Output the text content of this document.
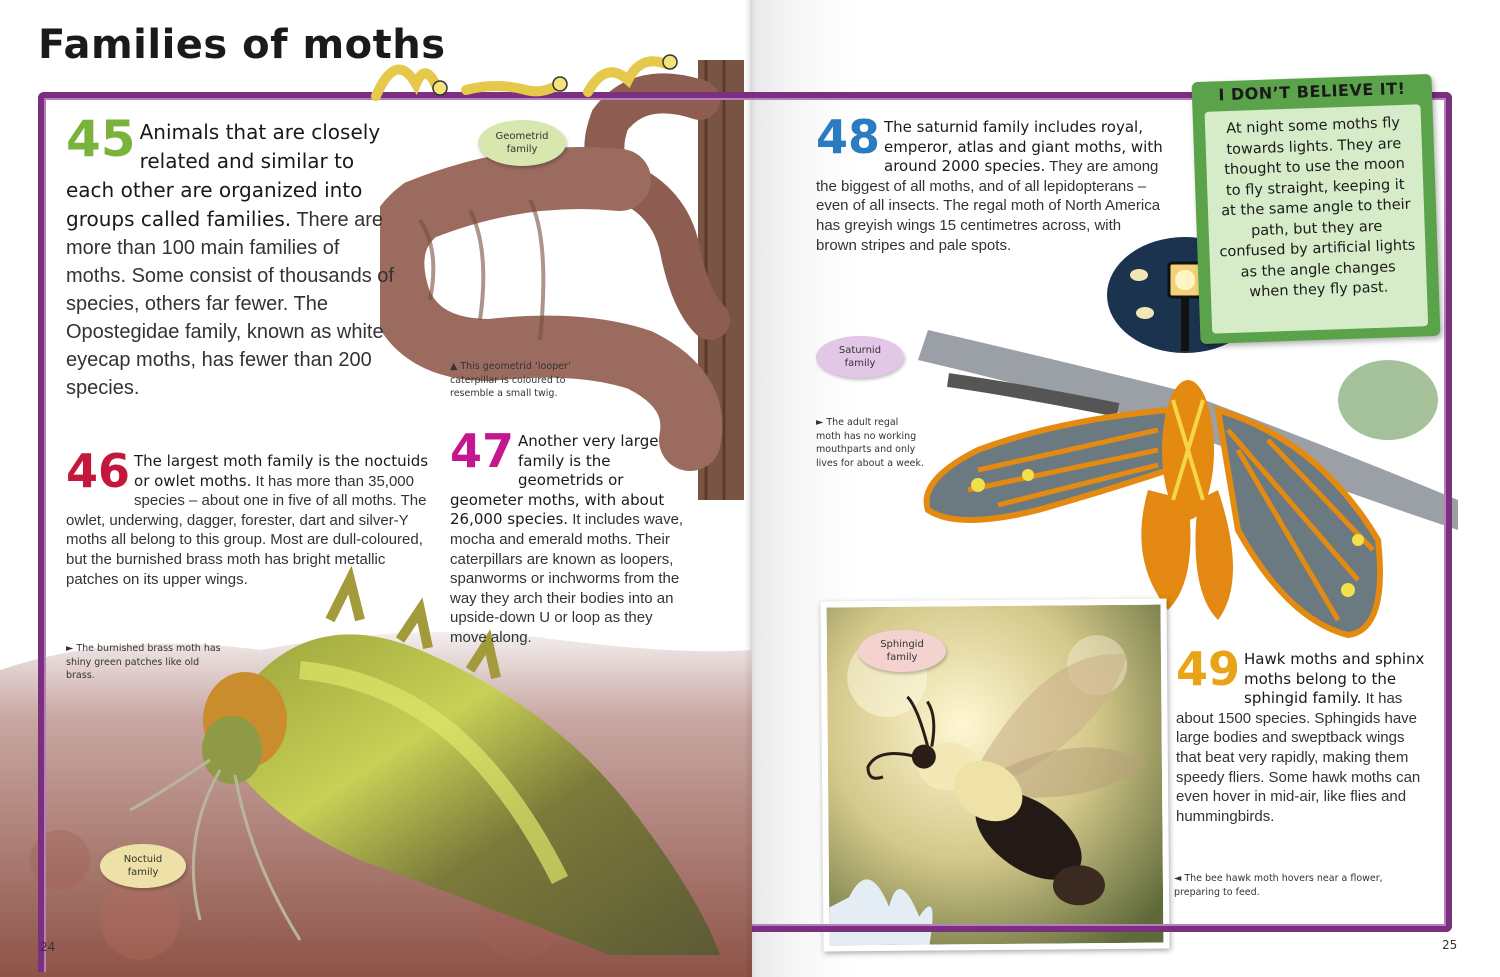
Families of moths
45 Animals that are closely related and similar to each other are organized into groups called families. There are more than 100 main families of moths. Some consist of thousands of species, others far fewer. The Opostegidae family, known as white eyecap moths, has fewer than 200 species.
46 The largest moth family is the noctuids or owlet moths. It has more than 35,000 species – about one in five of all moths. The owlet, underwing, dagger, forester, dart and silver-Y moths all belong to this group. Most are dull-coloured, but the burnished brass moth has bright metallic patches on its upper wings.
47 Another very large family is the geometrids or geometer moths, with about 26,000 species. It includes wave, mocha and emerald moths. Their caterpillars are known as loopers, spanworms or inchworms from the way they arch their bodies into an upside-down U or loop as they move along.
48 The saturnid family includes royal, emperor, atlas and giant moths, with around 2000 species. They are among the biggest of all moths, and of all lepidopterans – even of all insects. The regal moth of North America has greyish wings 15 centimetres across, with brown stripes and pale spots.
49 Hawk moths and sphinx moths belong to the sphingid family. It has about 1500 species. Sphingids have large bodies and sweptback wings that beat very rapidly, making them speedy fliers. Some hawk moths can even hover in mid-air, like flies and hummingbirds.
Geometrid family
Saturnid family
Sphingid family
Noctuid family
▲ This geometrid ‘looper’ caterpillar is coloured to resemble a small twig.
► The adult regal moth has no working mouthparts and only lives for about a week.
► The burnished brass moth has shiny green patches like old brass.
◄ The bee hawk moth hovers near a flower, preparing to feed.
I DON’T BELIEVE IT!
At night some moths fly towards lights. They are thought to use the moon to fly straight, keeping it at the same angle to their path, but they are confused by artificial lights as the angle changes when they fly past.
24	25
